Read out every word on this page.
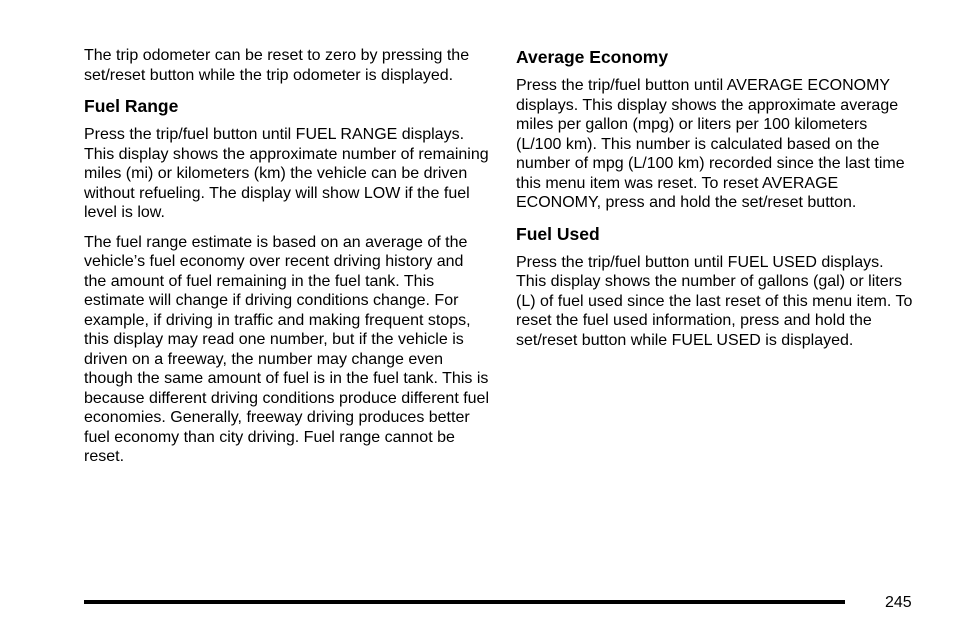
The trip odometer can be reset to zero by pressing the set/reset button while the trip odometer is displayed.

Fuel Range

Press the trip/fuel button until FUEL RANGE displays. This display shows the approximate number of remaining miles (mi) or kilometers (km) the vehicle can be driven without refueling. The display will show LOW if the fuel level is low.

The fuel range estimate is based on an average of the vehicle’s fuel economy over recent driving history and the amount of fuel remaining in the fuel tank. This estimate will change if driving conditions change. For example, if driving in traffic and making frequent stops, this display may read one number, but if the vehicle is driven on a freeway, the number may change even though the same amount of fuel is in the fuel tank. This is because different driving conditions produce different fuel economies. Generally, freeway driving produces better fuel economy than city driving. Fuel range cannot be reset.

Average Economy

Press the trip/fuel button until AVERAGE ECONOMY displays. This display shows the approximate average miles per gallon (mpg) or liters per 100 kilometers (L/100 km). This number is calculated based on the number of mpg (L/100 km) recorded since the last time this menu item was reset. To reset AVERAGE ECONOMY, press and hold the set/reset button.

Fuel Used

Press the trip/fuel button until FUEL USED displays. This display shows the number of gallons (gal) or liters (L) of fuel used since the last reset of this menu item. To reset the fuel used information, press and hold the set/reset button while FUEL USED is displayed.

245
